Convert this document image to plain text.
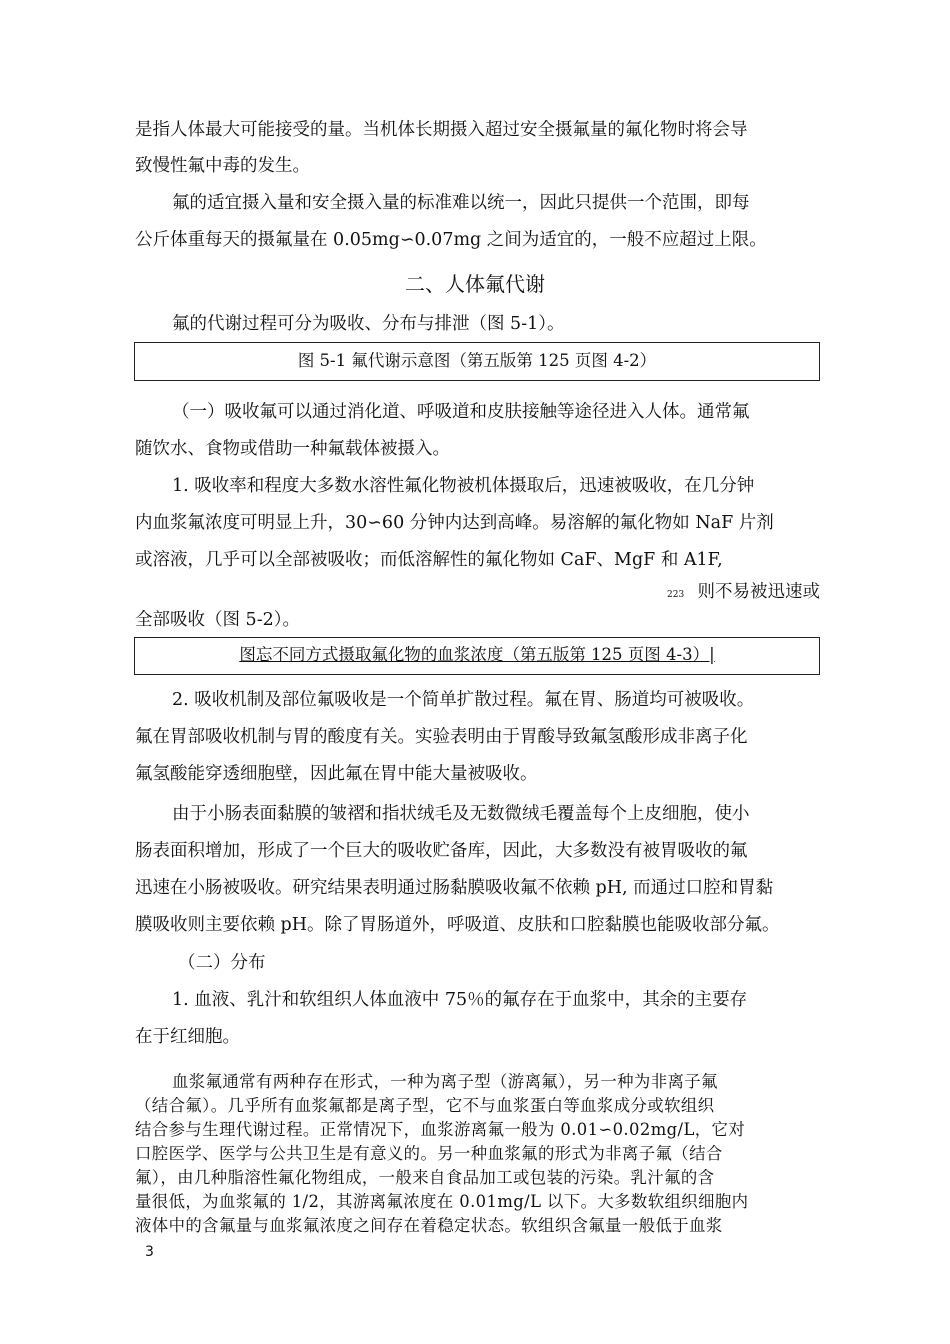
是指人体最大可能接受的量。当机体长期摄入超过安全摄氟量的氟化物时将会导
致慢性氟中毒的发生。
氟的适宜摄入量和安全摄入量的标准难以统一，因此只提供一个范围，即每
公斤体重每天的摄氟量在 0.05mg∽0.07mg 之间为适宜的，一般不应超过上限。
二、人体氟代谢
氟的代谢过程可分为吸收、分布与排泄（图 5-1）。
图 5-1 氟代谢示意图（第五版第 125 页图 4-2）
（一）吸收氟可以通过消化道、呼吸道和皮肤接触等途径进入人体。通常氟
随饮水、食物或借助一种氟载体被摄入。
1. 吸收率和程度大多数水溶性氟化物被机体摄取后，迅速被吸收，在几分钟
内血浆氟浓度可明显上升，30∽60 分钟内达到高峰。易溶解的氟化物如 NaF 片剂
或溶液，几乎可以全部被吸收；而低溶解性的氟化物如 CaF、MgF 和 A1F,
223 则不易被迅速或
全部吸收（图 5-2）。
图忘不同方式摄取氟化物的血浆浓度（第五版第 125 页图 4-3）|
2. 吸收机制及部位氟吸收是一个简单扩散过程。氟在胃、肠道均可被吸收。
氟在胃部吸收机制与胃的酸度有关。实验表明由于胃酸导致氟氢酸形成非离子化
氟氢酸能穿透细胞壁，因此氟在胃中能大量被吸收。
由于小肠表面黏膜的皱褶和指状绒毛及无数微绒毛覆盖每个上皮细胞，使小
肠表面积增加，形成了一个巨大的吸收贮备库，因此，大多数没有被胃吸收的氟
迅速在小肠被吸收。研究结果表明通过肠黏膜吸收氟不依赖 pH, 而通过口腔和胃黏
膜吸收则主要依赖 pH。除了胃肠道外，呼吸道、皮肤和口腔黏膜也能吸收部分氟。
（二）分布
1. 血液、乳汁和软组织人体血液中 75％的氟存在于血浆中，其余的主要存
在于红细胞。
血浆氟通常有两种存在形式，一种为离子型（游离氟），另一种为非离子氟
（结合氟）。几乎所有血浆氟都是离子型，它不与血浆蛋白等血浆成分或软组织
结合参与生理代谢过程。正常情况下，血浆游离氟一般为 0.01∽0.02mg/L，它对
口腔医学、医学与公共卫生是有意义的。另一种血浆氟的形式为非离子氟（结合
氟），由几种脂溶性氟化物组成，一般来自食品加工或包装的污染。乳汁氟的含
量很低，为血浆氟的 1/2，其游离氟浓度在 0.01mg/L 以下。大多数软组织细胞内
液体中的含氟量与血浆氟浓度之间存在着稳定状态。软组织含氟量一般低于血浆
3
